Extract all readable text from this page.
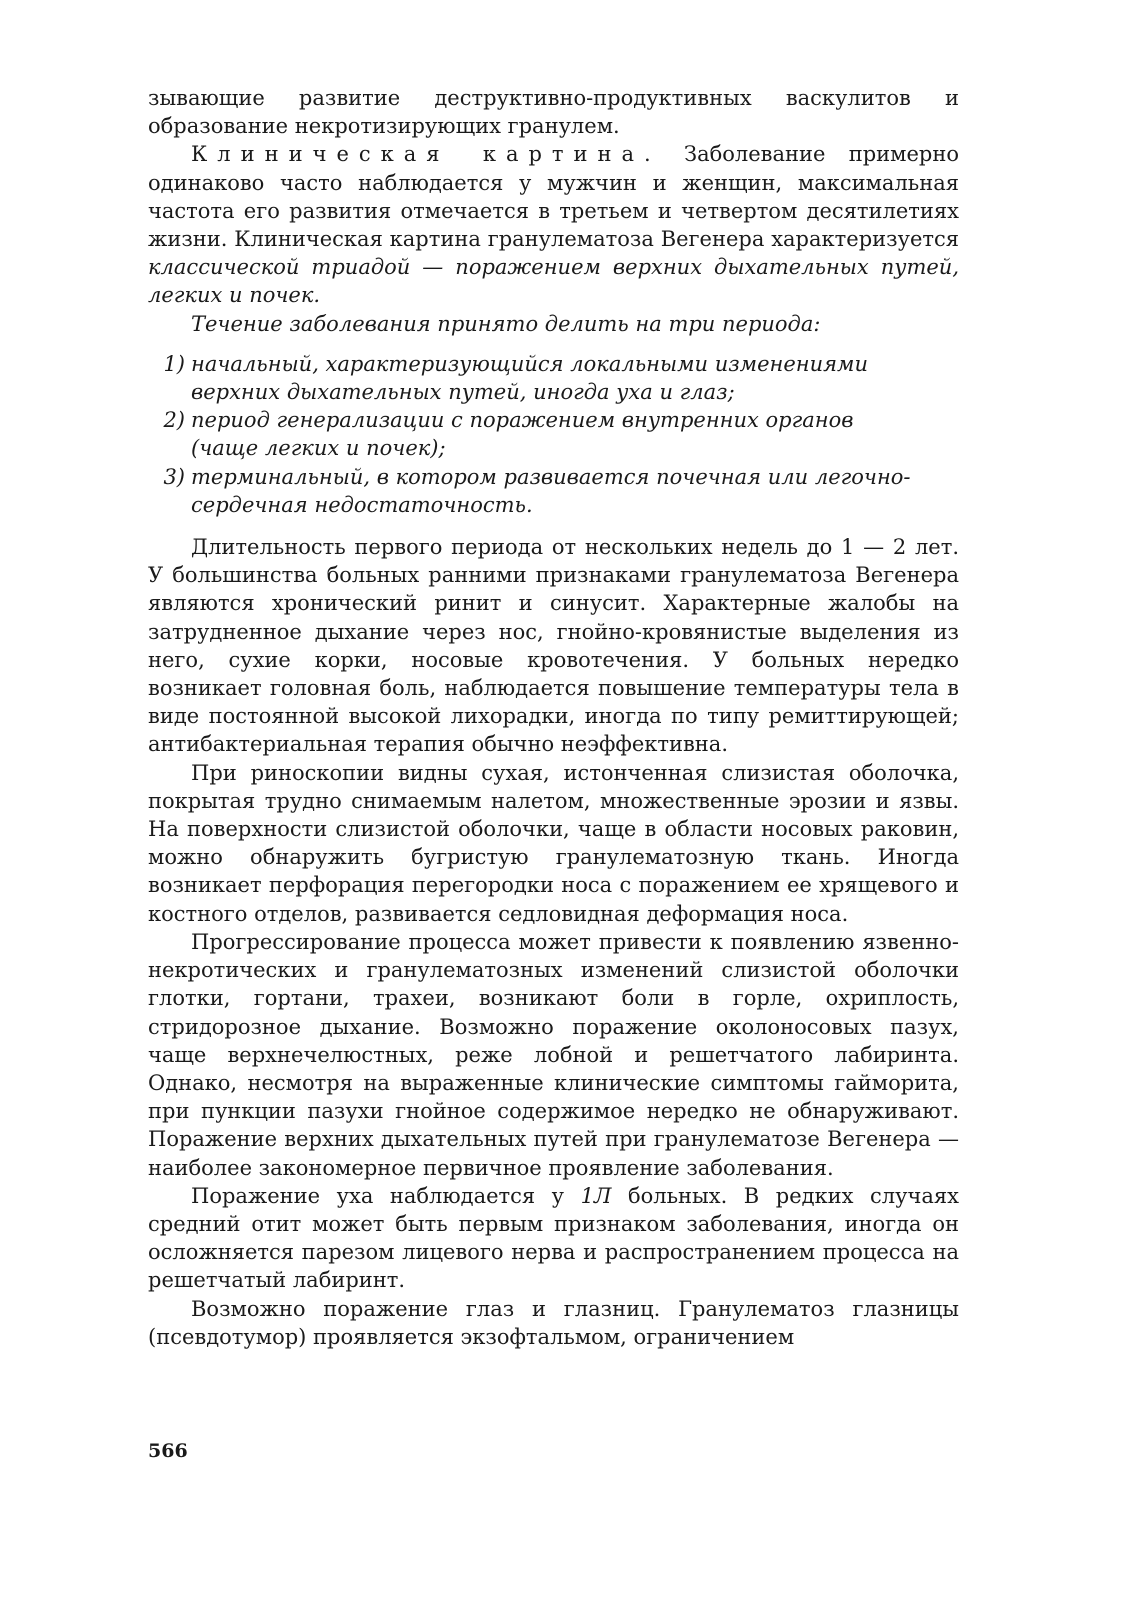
зывающие развитие деструктивно-продуктивных васкулитов и образование некротизирующих гранулем.

Клиническая картина. Заболевание примерно одинаково часто наблюдается у мужчин и женщин, максимальная частота его развития отмечается в третьем и четвертом десятилетиях жизни. Клиническая картина гранулематоза Вегенера характеризуется классической триадой — поражением верхних дыхательных путей, легких и почек.

Течение заболевания принято делить на три периода:

1) начальный, характеризующийся локальными изменениями верхних дыхательных путей, иногда уха и глаз;
2) период генерализации с поражением внутренних органов (чаще легких и почек);
3) терминальный, в котором развивается почечная или легочно-сердечная недостаточность.

Длительность первого периода от нескольких недель до 1 — 2 лет. У большинства больных ранними признаками гранулематоза Вегенера являются хронический ринит и синусит. Характерные жалобы на затрудненное дыхание через нос, гнойно-кровянистые выделения из него, сухие корки, носовые кровотечения. У больных нередко возникает головная боль, наблюдается повышение температуры тела в виде постоянной высокой лихорадки, иногда по типу ремиттирующей; антибактериальная терапия обычно неэффективна.

При риноскопии видны сухая, истонченная слизистая оболочка, покрытая трудно снимаемым налетом, множественные эрозии и язвы. На поверхности слизистой оболочки, чаще в области носовых раковин, можно обнаружить бугристую гранулематозную ткань. Иногда возникает перфорация перегородки носа с поражением ее хрящевого и костного отделов, развивается седловидная деформация носа.

Прогрессирование процесса может привести к появлению язвенно-некротических и гранулематозных изменений слизистой оболочки глотки, гортани, трахеи, возникают боли в горле, охриплость, стридорозное дыхание. Возможно поражение околоносовых пазух, чаще верхнечелюстных, реже лобной и решетчатого лабиринта. Однако, несмотря на выраженные клинические симптомы гайморита, при пункции пазухи гнойное содержимое нередко не обнаруживают. Поражение верхних дыхательных путей при гранулематозе Вегенера — наиболее закономерное первичное проявление заболевания.

Поражение уха наблюдается у 1Л больных. В редких случаях средний отит может быть первым признаком заболевания, иногда он осложняется парезом лицевого нерва и распространением процесса на решетчатый лабиринт.

Возможно поражение глаз и глазниц. Гранулематоз глазницы (псевдотумор) проявляется экзофтальмом, ограничением

566
